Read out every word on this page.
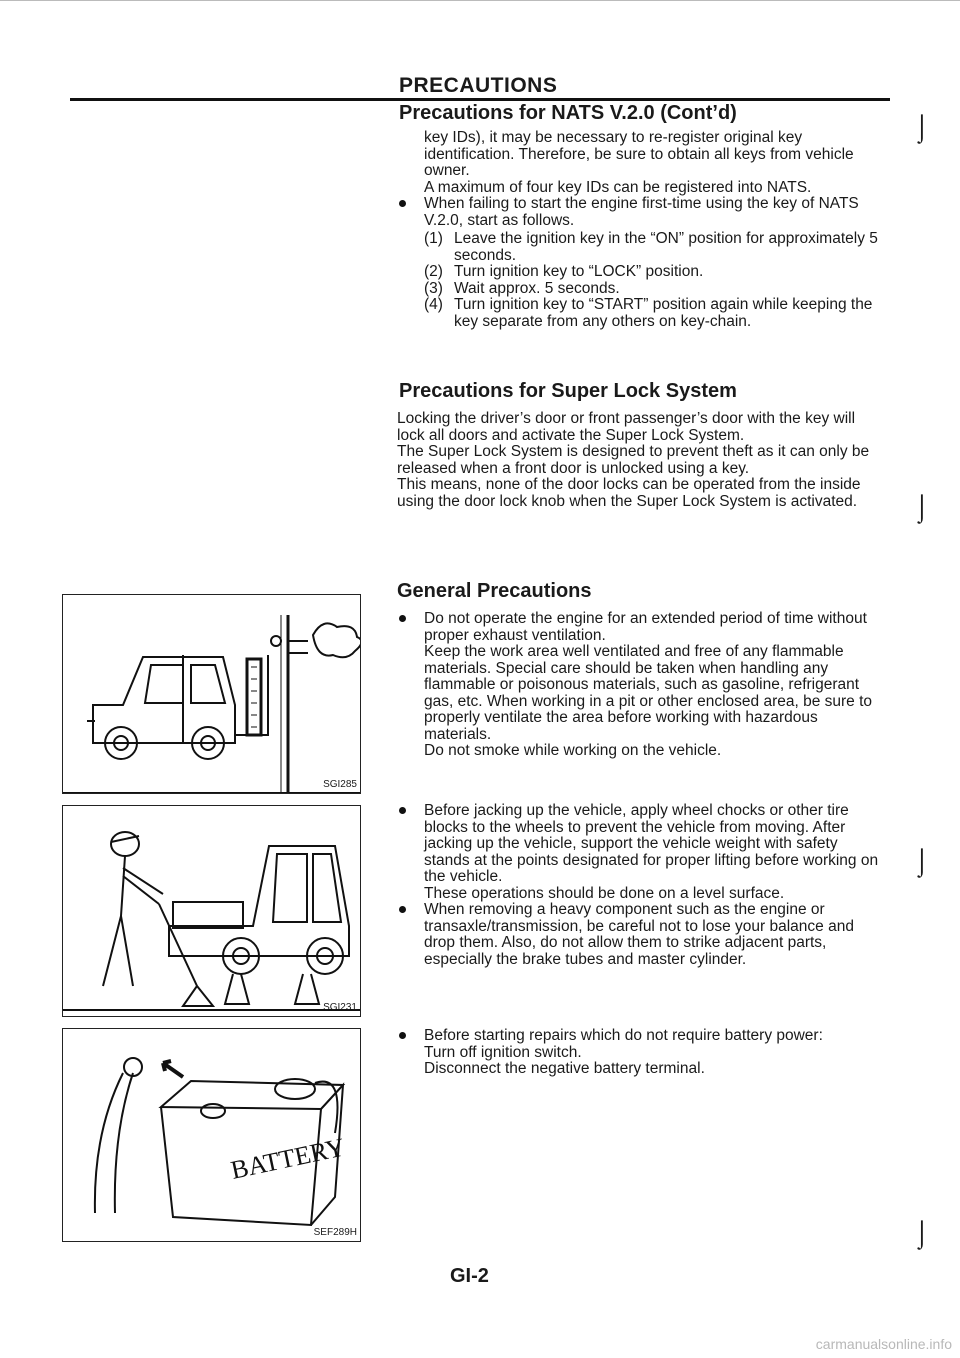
PRECAUTIONS
Precautions for NATS V.2.0 (Cont’d)

key IDs), it may be necessary to re-register original key identification. Therefore, be sure to obtain all keys from vehicle owner.

A maximum of four key IDs can be registered into NATS.

When failing to start the engine first-time using the key of NATS V.2.0, start as follows.
(1) Leave the ignition key in the “ON” position for approximately 5 seconds.
(2) Turn ignition key to “LOCK” position.
(3) Wait approx. 5 seconds.
(4) Turn ignition key to “START” position again while keeping the key separate from any others on key-chain.
Precautions for Super Lock System

Locking the driver’s door or front passenger’s door with the key will lock all doors and activate the Super Lock System.

The Super Lock System is designed to prevent theft as it can only be released when a front door is unlocked using a key.

This means, none of the door locks can be operated from the inside using the door lock knob when the Super Lock System is activated.

General Precautions
Do not operate the engine for an extended period of time without proper exhaust ventilation.

Keep the work area well ventilated and free of any flammable materials. Special care should be taken when handling any flammable or poisonous materials, such as gasoline, refrigerant gas, etc. When working in a pit or other enclosed area, be sure to properly ventilate the area before working with hazardous materials.

Do not smoke while working on the vehicle.

Before jacking up the vehicle, apply wheel chocks or other tire blocks to the wheels to prevent the vehicle from moving. After jacking up the vehicle, support the vehicle weight with safety stands at the points designated for proper lifting before working on the vehicle.

These operations should be done on a level surface.

When removing a heavy component such as the engine or transaxle/transmission, be careful not to lose your balance and drop them. Also, do not allow them to strike adjacent parts, especially the brake tubes and master cylinder.
Before starting repairs which do not require battery power:

Turn off ignition switch.

Disconnect the negative battery terminal.

SGI285
SGI231
BATTERY
SEF289H
⌡
⌡
⌡
⌡
GI-2
carmanualsonline.info
